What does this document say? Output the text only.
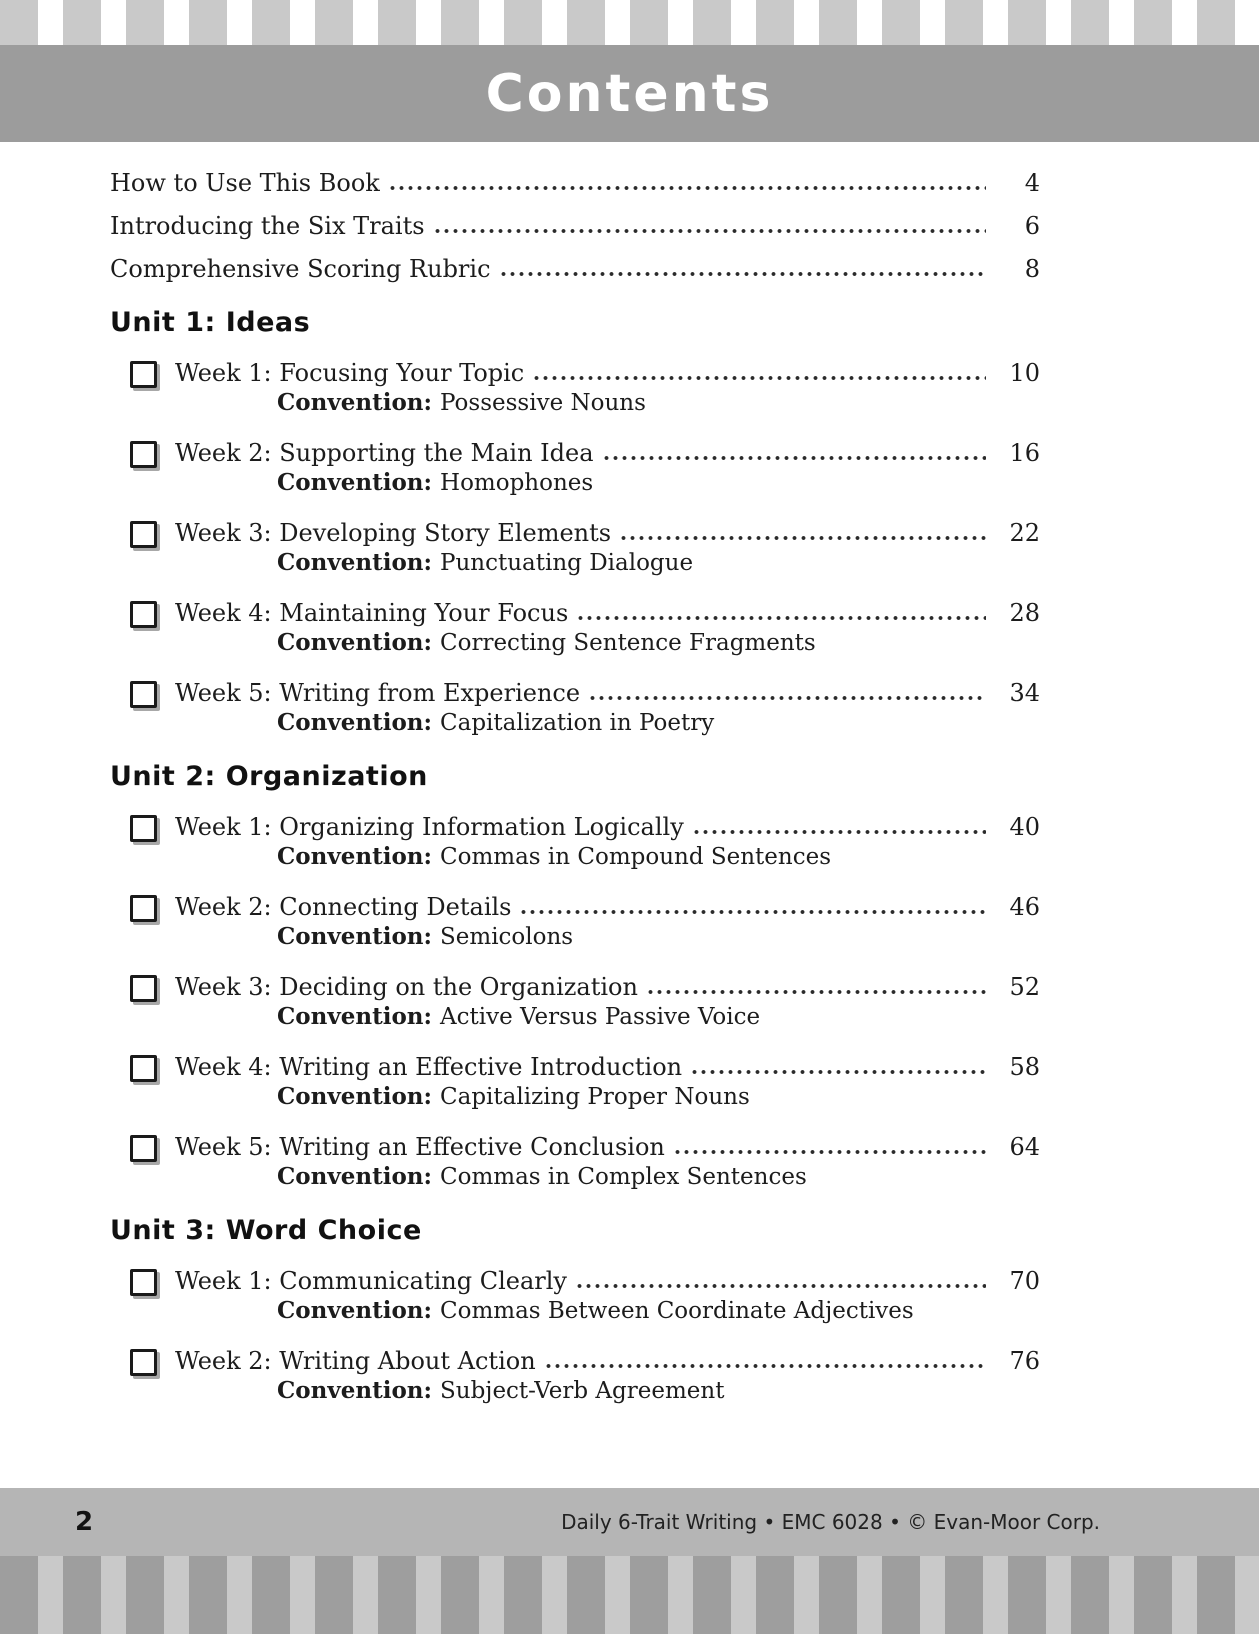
Contents
How to Use This Book	4
Introducing the Six Traits	6
Comprehensive Scoring Rubric	8
Unit 1: Ideas
Week 1: Focusing Your Topic	10
Convention: Possessive Nouns
Week 2: Supporting the Main Idea	16
Convention: Homophones
Week 3: Developing Story Elements	22
Convention: Punctuating Dialogue
Week 4: Maintaining Your Focus	28
Convention: Correcting Sentence Fragments
Week 5: Writing from Experience	34
Convention: Capitalization in Poetry
Unit 2: Organization
Week 1: Organizing Information Logically	40
Convention: Commas in Compound Sentences
Week 2: Connecting Details	46
Convention: Semicolons
Week 3: Deciding on the Organization	52
Convention: Active Versus Passive Voice
Week 4: Writing an Effective Introduction	58
Convention: Capitalizing Proper Nouns
Week 5: Writing an Effective Conclusion	64
Convention: Commas in Complex Sentences
Unit 3: Word Choice
Week 1: Communicating Clearly	70
Convention: Commas Between Coordinate Adjectives
Week 2: Writing About Action	76
Convention: Subject-Verb Agreement
2	Daily 6-Trait Writing • EMC 6028 • © Evan-Moor Corp.
